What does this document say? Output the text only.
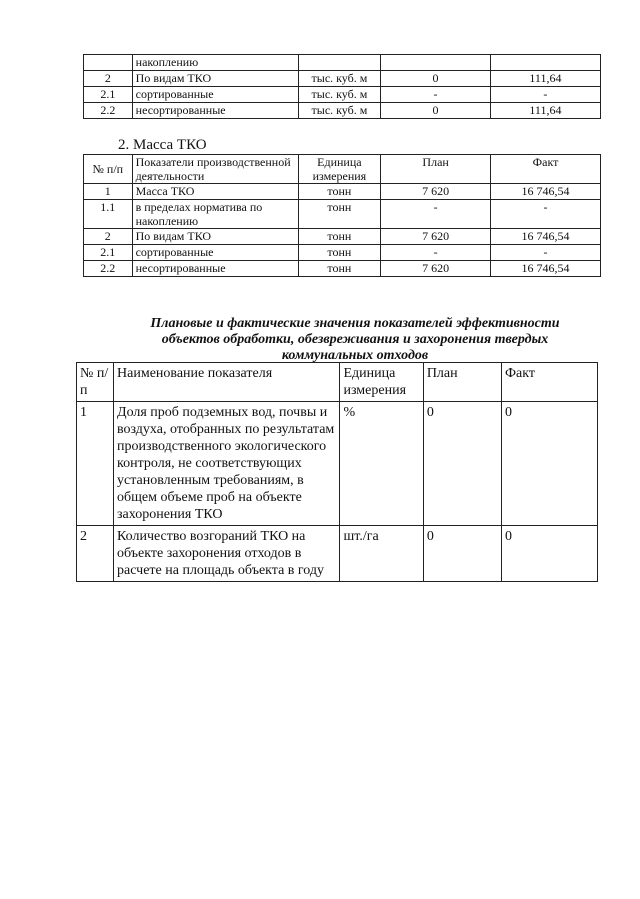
	накоплению			
2	По видам ТКО	тыс. куб. м	0	111,64
2.1	сортированные	тыс. куб. м	-	-
2.2	несортированные	тыс. куб. м	0	111,64
2. Масса ТКО
№ п/п	Показатели производственной деятельности	Единица измерения	План	Факт
1	Масса ТКО	тонн	7 620	16 746,54
1.1	в пределах норматива по накоплению	тонн	-	-
2	По видам ТКО	тонн	7 620	16 746,54
2.1	сортированные	тонн	-	-
2.2	несортированные	тонн	7 620	16 746,54
Плановые и фактические значения показателей эффективности объектов обработки, обезвреживания и захоронения твердых коммунальных отходов
№ п/п	Наименование показателя	Единица измерения	План	Факт
1	Доля проб подземных вод, почвы и воздуха, отобранных по результатам производственного экологического контроля, не соответствующих установленным требованиям, в общем объеме проб на объекте захоронения ТКО	%	0	0
2	Количество возгораний ТКО на объекте захоронения отходов в расчете на площадь объекта в году	шт./га	0	0
